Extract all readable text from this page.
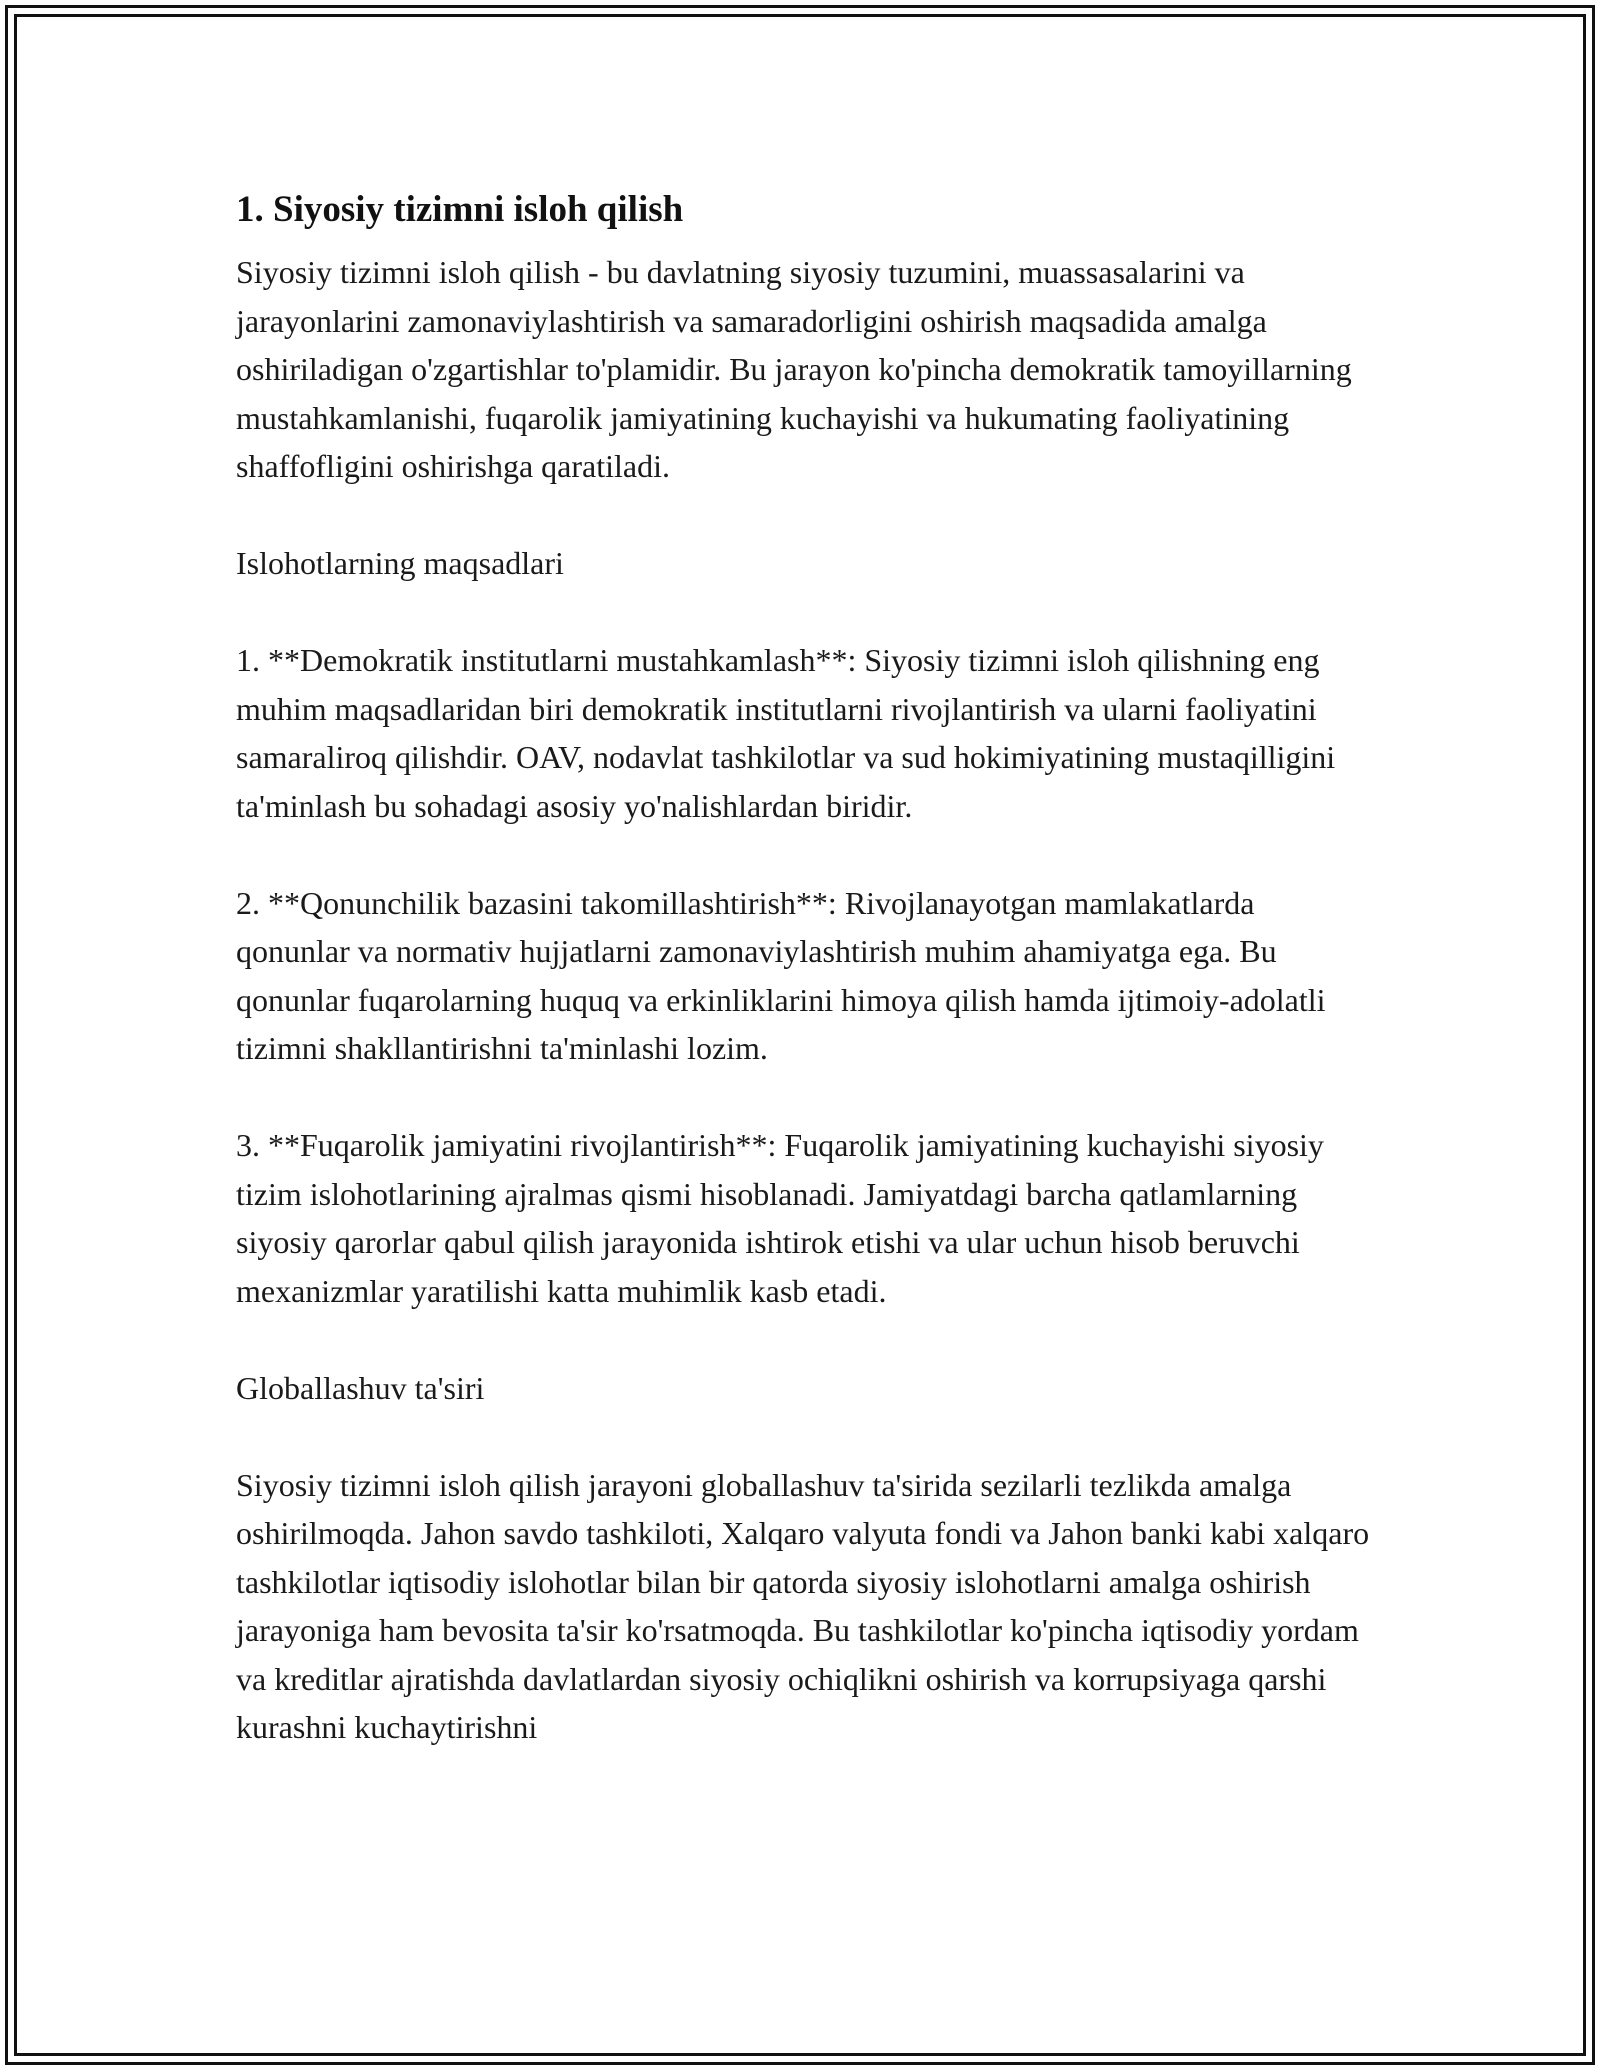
1. Siyosiy tizimni isloh qilish

Siyosiy tizimni isloh qilish - bu davlatning siyosiy tuzumini, muassasalarini va jarayonlarini zamonaviylashtirish va samaradorligini oshirish maqsadida amalga oshiriladigan o'zgartishlar to'plamidir. Bu jarayon ko'pincha demokratik tamoyillarning mustahkamlanishi, fuqarolik jamiyatining kuchayishi va hukumating faoliyatining shaffofligini oshirishga qaratiladi.

Islohotlarning maqsadlari

1. **Demokratik institutlarni mustahkamlash**: Siyosiy tizimni isloh qilishning eng muhim maqsadlaridan biri demokratik institutlarni rivojlantirish va ularni faoliyatini samaraliroq qilishdir. OAV, nodavlat tashkilotlar va sud hokimiyatining mustaqilligini ta'minlash bu sohadagi asosiy yo'nalishlardan biridir.

2. **Qonunchilik bazasini takomillashtirish**: Rivojlanayotgan mamlakatlarda qonunlar va normativ hujjatlarni zamonaviylashtirish muhim ahamiyatga ega. Bu qonunlar fuqarolarning huquq va erkinliklarini himoya qilish hamda ijtimoiy-adolatli tizimni shakllantirishni ta'minlashi lozim.

3. **Fuqarolik jamiyatini rivojlantirish**: Fuqarolik jamiyatining kuchayishi siyosiy tizim islohotlarining ajralmas qismi hisoblanadi. Jamiyatdagi barcha qatlamlarning siyosiy qarorlar qabul qilish jarayonida ishtirok etishi va ular uchun hisob beruvchi mexanizmlar yaratilishi katta muhimlik kasb etadi.

Globallashuv ta'siri

Siyosiy tizimni isloh qilish jarayoni globallashuv ta'sirida sezilarli tezlikda amalga oshirilmoqda. Jahon savdo tashkiloti, Xalqaro valyuta fondi va Jahon banki kabi xalqaro tashkilotlar iqtisodiy islohotlar bilan bir qatorda siyosiy islohotlarni amalga oshirish jarayoniga ham bevosita ta'sir ko'rsatmoqda. Bu tashkilotlar ko'pincha iqtisodiy yordam va kreditlar ajratishda davlatlardan siyosiy ochiqlikni oshirish va korrupsiyaga qarshi kurashni kuchaytirishni
